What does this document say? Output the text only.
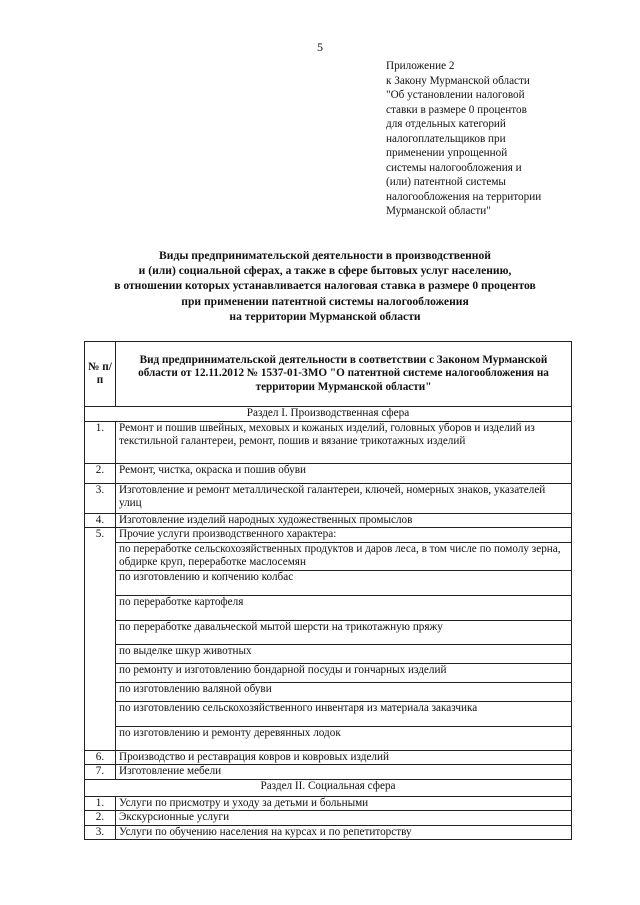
5
Приложение 2
к Закону Мурманской области
"Об установлении налоговой
ставки в размере 0 процентов
для отдельных категорий
налогоплательщиков при
применении упрощенной
системы налогообложения и
(или) патентной системы
налогообложения на территории
Мурманской области"
Виды предпринимательской деятельности в производственной
и (или) социальной сферах, а также в сфере бытовых услуг населению,
в отношении которых устанавливается налоговая ставка в размере 0 процентов
при применении патентной системы налогообложения
на территории Мурманской области
№ п/п	Вид предпринимательской деятельности в соответствии с Законом Мурманской области от 12.11.2012 № 1537-01-ЗМО "О патентной системе налогообложения на территории Мурманской области"
Раздел I. Производственная сфера	
1.	Ремонт и пошив швейных, меховых и кожаных изделий, головных уборов и изделий из текстильной галантереи, ремонт, пошив и вязание трикотажных изделий
2.	Ремонт, чистка, окраска и пошив обуви
3.	Изготовление и ремонт металлической галантереи, ключей, номерных знаков, указателей улиц
4.	Изготовление изделий народных художественных промыслов
5.	Прочие услуги производственного характера:
	по переработке сельскохозяйственных продуктов и даров леса, в том числе по помолу зерна, обдирке круп, переработке маслосемян
	по изготовлению и копчению колбас
	по переработке картофеля
	по переработке давальческой мытой шерсти на трикотажную пряжу
	по выделке шкур животных
	по ремонту и изготовлению бондарной посуды и гончарных изделий
	по изготовлению валяной обуви
	по изготовлению сельскохозяйственного инвентаря из материала заказчика
	по изготовлению и ремонту деревянных лодок
6.	Производство и реставрация ковров и ковровых изделий
7.	Изготовление мебели
Раздел II. Социальная сфера	
1.	Услуги по присмотру и уходу за детьми и больными
2.	Экскурсионные услуги
3.	Услуги по обучению населения на курсах и по репетиторству
